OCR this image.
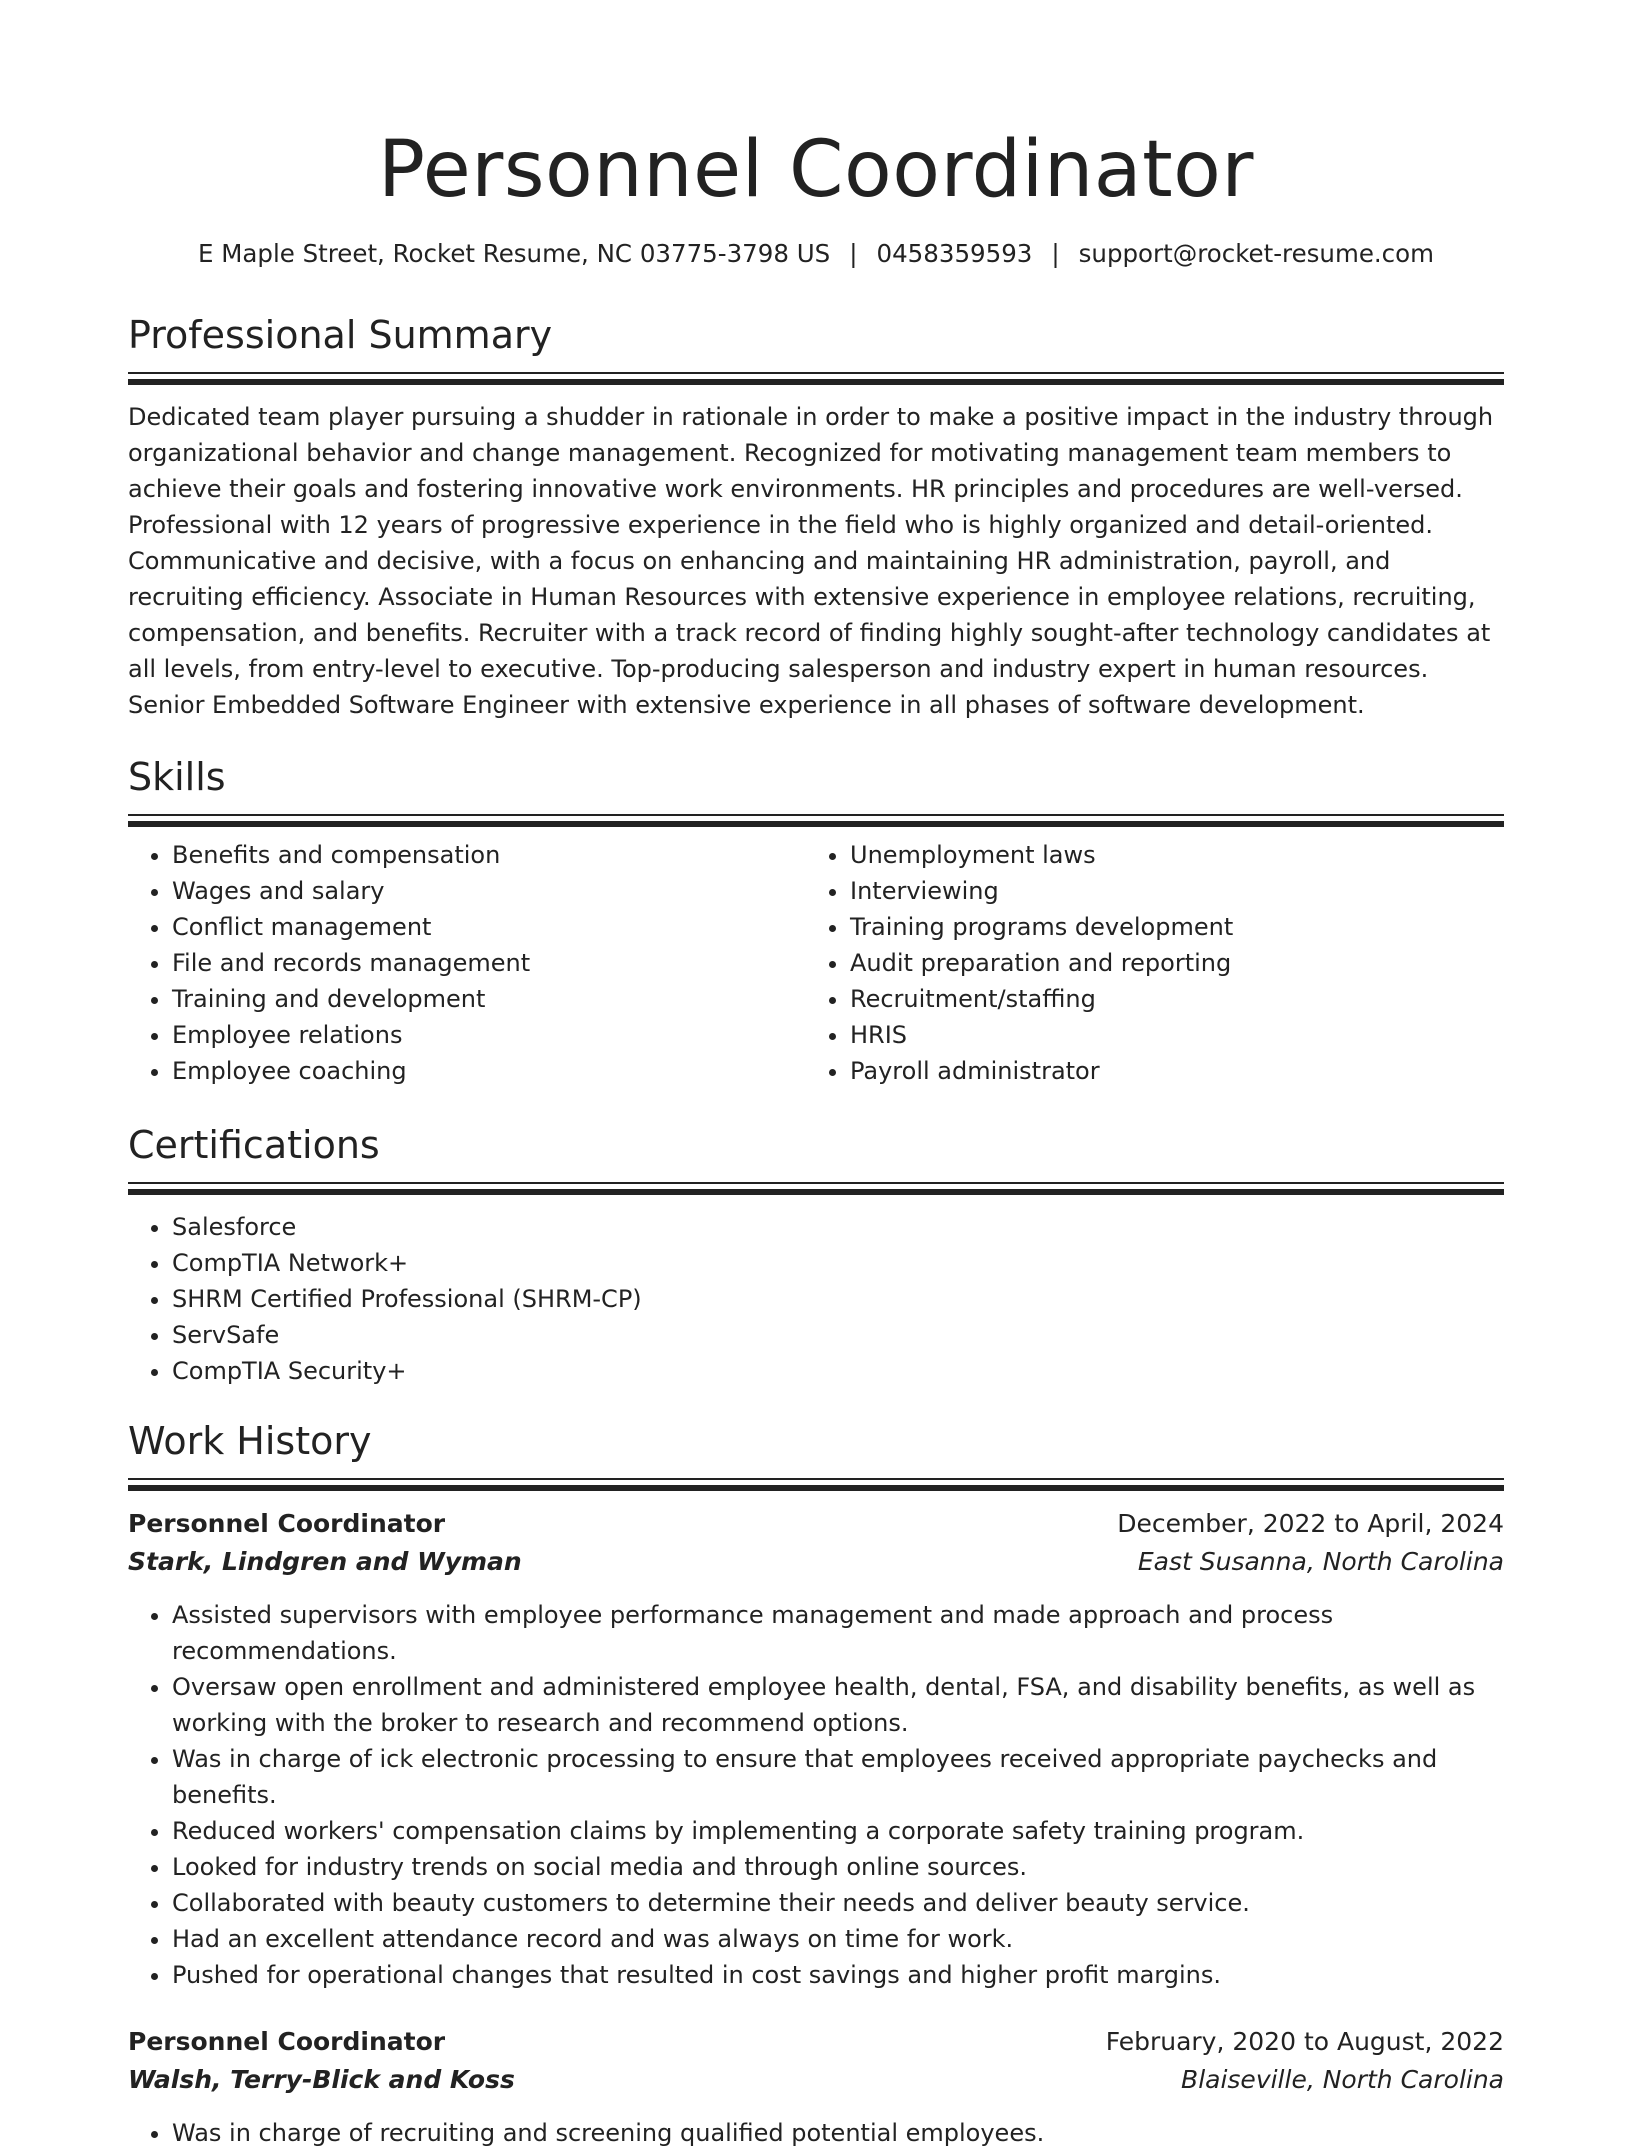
Personnel Coordinator
E Maple Street, Rocket Resume, NC 03775-3798 US | 0458359593 | support@rocket-resume.com
Professional Summary
Dedicated team player pursuing a shudder in rationale in order to make a positive impact in the industry through organizational behavior and change management. Recognized for motivating management team members to achieve their goals and fostering innovative work environments. HR principles and procedures are well-versed. Professional with 12 years of progressive experience in the field who is highly organized and detail-oriented. Communicative and decisive, with a focus on enhancing and maintaining HR administration, payroll, and recruiting efficiency. Associate in Human Resources with extensive experience in employee relations, recruiting, compensation, and benefits. Recruiter with a track record of finding highly sought-after technology candidates at all levels, from entry-level to executive. Top-producing salesperson and industry expert in human resources. Senior Embedded Software Engineer with extensive experience in all phases of software development.
Skills
• Benefits and compensation
• Wages and salary
• Conflict management
• File and records management
• Training and development
• Employee relations
• Employee coaching
• Unemployment laws
• Interviewing
• Training programs development
• Audit preparation and reporting
• Recruitment/staffing
• HRIS
• Payroll administrator
Certifications
• Salesforce
• CompTIA Network+
• SHRM Certified Professional (SHRM-CP)
• ServSafe
• CompTIA Security+
Work History
Personnel Coordinator	December, 2022 to April, 2024
Stark, Lindgren and Wyman	East Susanna, North Carolina
• Assisted supervisors with employee performance management and made approach and process recommendations.
• Oversaw open enrollment and administered employee health, dental, FSA, and disability benefits, as well as working with the broker to research and recommend options.
• Was in charge of ick electronic processing to ensure that employees received appropriate paychecks and benefits.
• Reduced workers' compensation claims by implementing a corporate safety training program.
• Looked for industry trends on social media and through online sources.
• Collaborated with beauty customers to determine their needs and deliver beauty service.
• Had an excellent attendance record and was always on time for work.
• Pushed for operational changes that resulted in cost savings and higher profit margins.
Personnel Coordinator	February, 2020 to August, 2022
Walsh, Terry-Blick and Koss	Blaiseville, North Carolina
• Was in charge of recruiting and screening qualified potential employees.
